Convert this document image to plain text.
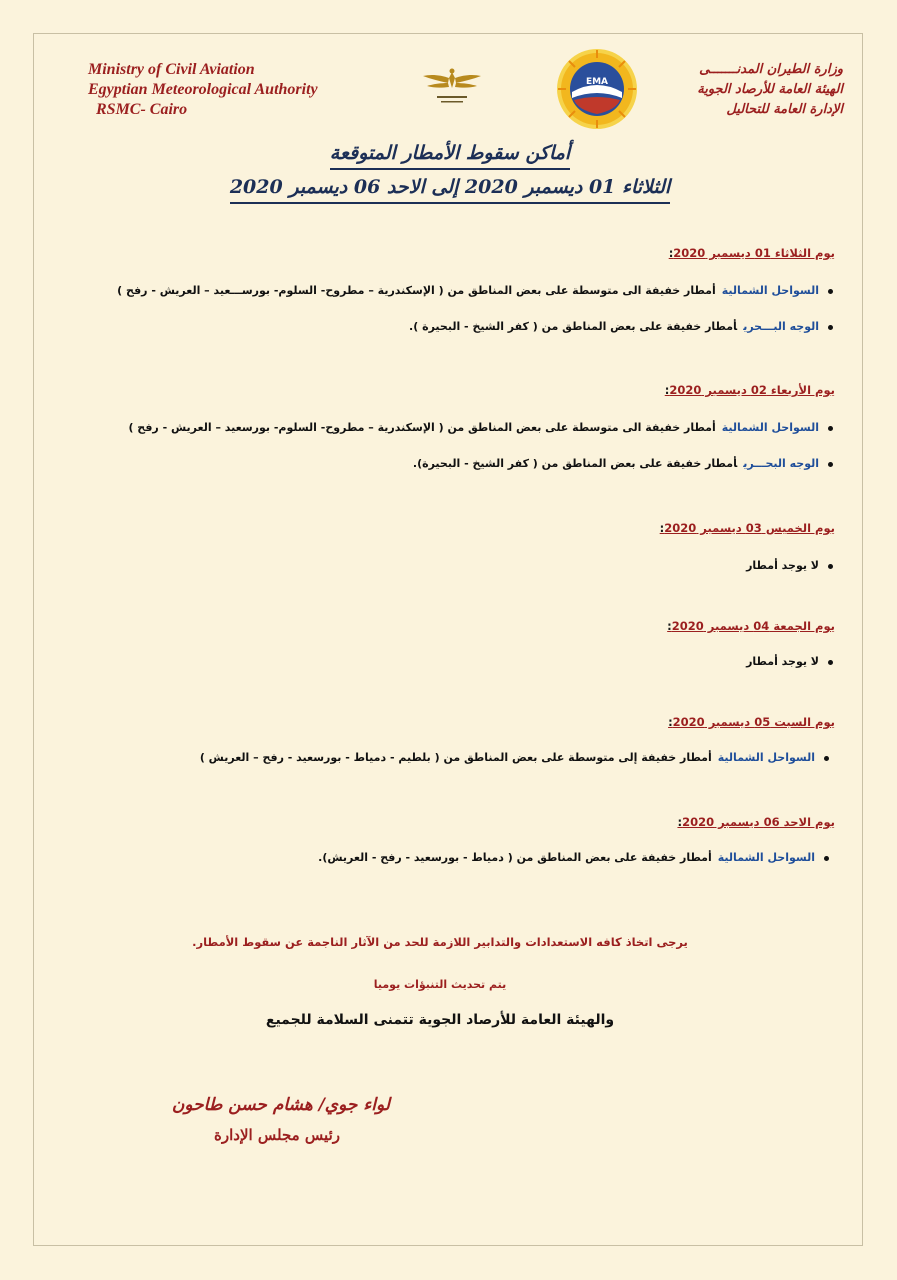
Ministry of Civil Aviation
Egyptian Meteorological Authority
RSMC- Cairo
EMA
وزارة الطيران المدنـــــــى
الهيئة العامة للأرصاد الجوية
الإدارة العامة للتحاليل
أماكن سقوط الأمطار المتوقعة
الثلاثاء 01 ديسمبر 2020 إلى الاحد 06 ديسمبر 2020
يوم الثلاثاء 01 ديسمبر 2020:
السواحل الشماليةأمطار خفيفة الى متوسطة على بعض المناطق من ( الإسكندرية – مطروح- السلوم- بورســـعيد – العريش - رفح )
الوجه البـــحريأمطار خفيفة على بعض المناطق من ( كفر الشيخ - البحيرة ).
يوم الأربعاء 02 ديسمبر 2020:
السواحل الشماليةأمطار خفيفة الى متوسطة على بعض المناطق من ( الإسكندرية – مطروح- السلوم- بورسعيد – العريش - رفح )
الوجه البحـــريأمطار خفيفة على بعض المناطق من ( كفر الشيخ - البحيرة).
يوم الخميس 03 ديسمبر 2020:
لا يوجد أمطار
يوم الجمعة 04 ديسمبر 2020:
لا يوجد أمطار
يوم السبت 05 ديسمبر 2020:
السواحل الشماليةأمطار خفيفة إلى متوسطة على بعض المناطق من ( بلطيم - دمياط - بورسعيد - رفح – العريش )
يوم الاحد 06 ديسمبر 2020:
السواحل الشماليةأمطار خفيفة على بعض المناطق من ( دمياط - بورسعيد - رفح - العريش).
يرجى اتخاذ كافه الاستعدادات والتدابير اللازمة للحد من الآثار الناجمة عن سقوط الأمطار.
يتم تحديث التنبؤات يوميا
والهيئة العامة للأرصاد الجوية تتمنى السلامة للجميع
لواء جوي/ هشام حسن طاحون
رئيس مجلس الإدارة
